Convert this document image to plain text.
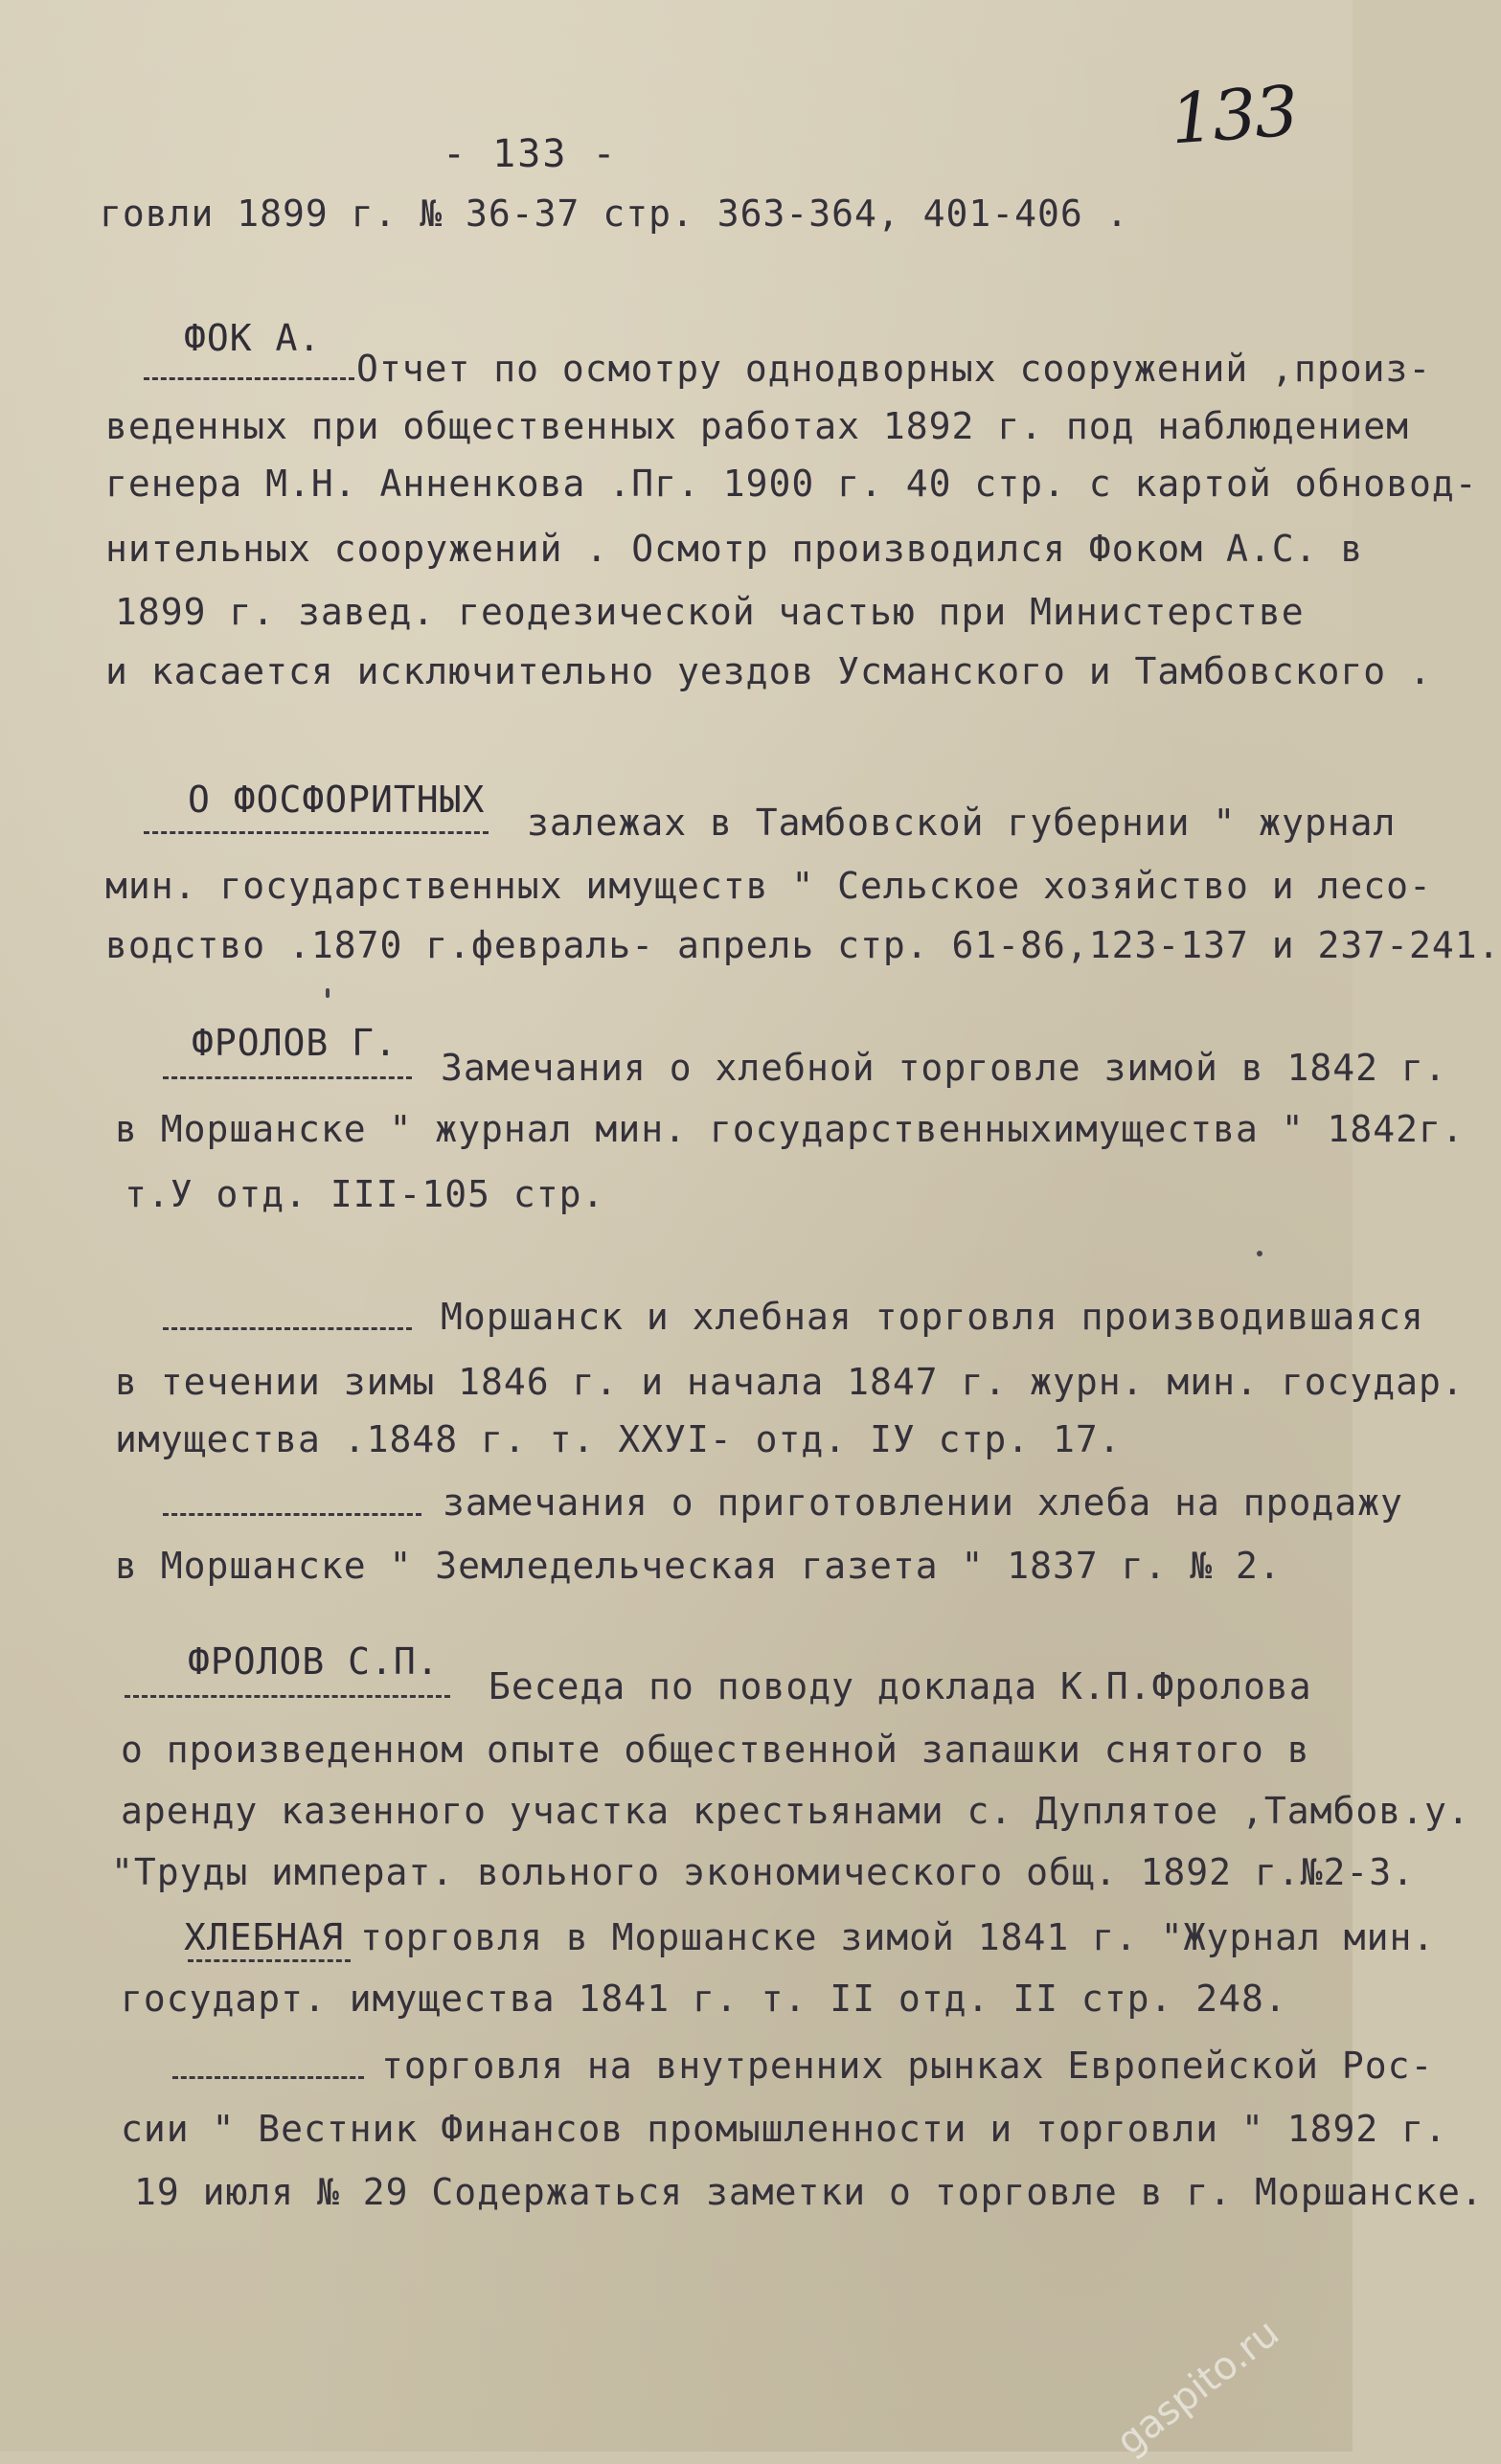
133
- 133 -
говли 1899 г. № 36-37 стр. 363-364, 401-406 .
ФОК А.
Отчет по осмотру однодворных сооружений ,произ-
веденных при общественных работах 1892 г. под наблюдением
генера М.Н. Анненкова .Пг. 1900 г. 40 стр. с картой обновод-
нительных сооружений . Осмотр производился Фоком А.С. в
1899 г. завед. геодезической частью при Министерстве
и касается исключительно уездов Усманского и Тамбовского .
О ФОСФОРИТНЫХ
залежах в Тамбовской губернии " журнал
мин. государственных имуществ " Сельское хозяйство и лесо-
водство .1870 г.февраль- апрель стр. 61-86,123-137 и 237-241.
ФРОЛОВ Г.
Замечания о хлебной торговле зимой в 1842 г.
в Моршанске " журнал мин. государственныхимущества " 1842г.
т.У отд. III-105 стр.
Моршанск и хлебная торговля производившаяся
в течении зимы 1846 г. и начала 1847 г. журн. мин. государ.
имущества .1848 г. т. XXУI- отд. IУ стр. 17.
замечания о приготовлении хлеба на продажу
в Моршанске " Земледельческая газета " 1837 г. № 2.
ФРОЛОВ С.П.
Беседа по поводу доклада К.П.Фролова
о произведенном опыте общественной запашки снятого в
аренду казенного участка крестьянами с. Дуплятое ,Тамбов.у.
"Труды императ. вольного экономического общ. 1892 г.№2-3.
ХЛЕБНАЯ торговля в Моршанске зимой 1841 г. "Журнал мин.
государт. имущества 1841 г. т. II отд. II стр. 248.
торговля на внутренних рынках Европейской Рос-
сии " Вестник Финансов промышленности и торговли " 1892 г.
19 июля № 29 Содержаться заметки о торговле в г. Моршанске.
gaspito.ru
